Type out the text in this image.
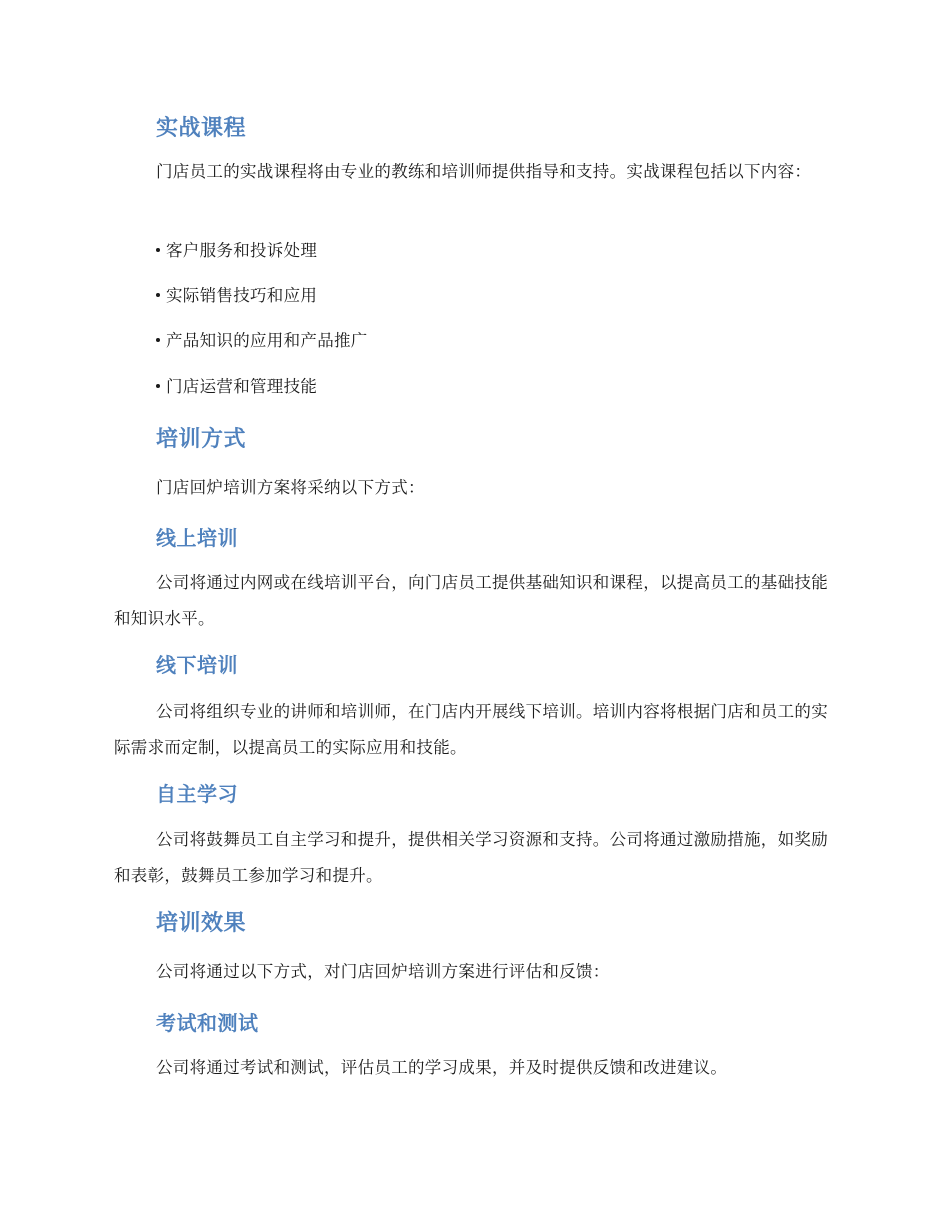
实战课程

门店员工的实战课程将由专业的教练和培训师提供指导和支持。实战课程包括以下内容：

客户服务和投诉处理

实际销售技巧和应用

产品知识的应用和产品推广

门店运营和管理技能

培训方式

门店回炉培训方案将采纳以下方式：

线上培训

公司将通过内网或在线培训平台，向门店员工提供基础知识和课程，以提高员工的基础技能和知识水平。

线下培训

公司将组织专业的讲师和培训师，在门店内开展线下培训。培训内容将根据门店和员工的实际需求而定制，以提高员工的实际应用和技能。

自主学习

公司将鼓舞员工自主学习和提升，提供相关学习资源和支持。公司将通过激励措施，如奖励和表彰，鼓舞员工参加学习和提升。

培训效果

公司将通过以下方式，对门店回炉培训方案进行评估和反馈：

考试和测试

公司将通过考试和测试，评估员工的学习成果，并及时提供反馈和改进建议。
